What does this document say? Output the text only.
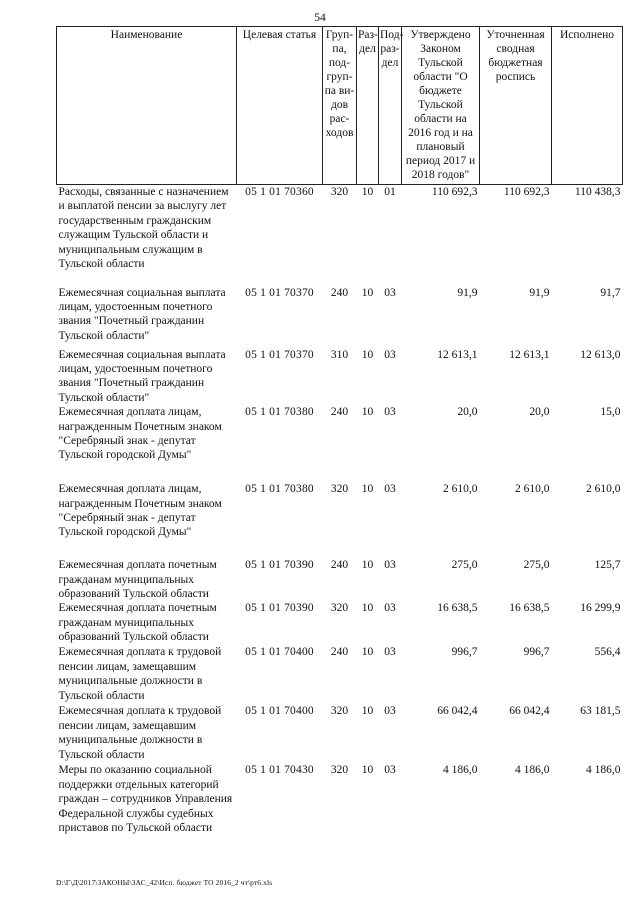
54
Наименование	Целевая статья	Груп-па, под-груп-па ви-дов рас-ходов	Раз-дел	Под-раз-дел	Утверждено Законом Тульской области "О бюджете Тульской области на 2016 год и на плановый период 2017 и 2018 годов"	Уточненная сводная бюджетная роспись	Исполнено
Расходы, связанные с назначением и выплатой пенсии за выслугу лет государственным гражданским служащим Тульской области и муниципальным служащим в Тульской области	05 1 01 70360	320	10	01	110 692,3	110 692,3	110 438,3
Ежемесячная социальная выплата лицам, удостоенным почетного звания "Почетный гражданин Тульской области"	05 1 01 70370	240	10	03	91,9	91,9	91,7
Ежемесячная социальная выплата лицам, удостоенным почетного звания "Почетный гражданин Тульской области"	05 1 01 70370	310	10	03	12 613,1	12 613,1	12 613,0
Ежемесячная доплата лицам, награжденным Почетным знаком "Серебряный знак - депутат Тульской городской Думы"	05 1 01 70380	240	10	03	20,0	20,0	15,0
Ежемесячная доплата лицам, награжденным Почетным знаком "Серебряный знак - депутат Тульской городской Думы"	05 1 01 70380	320	10	03	2 610,0	2 610,0	2 610,0
Ежемесячная доплата почетным гражданам муниципальных образований Тульской области	05 1 01 70390	240	10	03	275,0	275,0	125,7
Ежемесячная доплата почетным гражданам муниципальных образований Тульской области	05 1 01 70390	320	10	03	16 638,5	16 638,5	16 299,9
Ежемесячная доплата к трудовой пенсии лицам, замещавшим муниципальные должности в Тульской области	05 1 01 70400	240	10	03	996,7	996,7	556,4
Ежемесячная доплата к трудовой пенсии лицам, замещавшим муниципальные должности в Тульской области	05 1 01 70400	320	10	03	66 042,4	66 042,4	63 181,5
Меры по оказанию социальной поддержки отдельных категорий граждан – сотрудников Управления Федеральной службы судебных приставов по Тульской области	05 1 01 70430	320	10	03	4 186,0	4 186,0	4 186,0
D:\Г\Д\2017\ЗАКОНЫ\ЗАС_42\Исп. бюджет ТО 2016_2 чт\рт6.xls
